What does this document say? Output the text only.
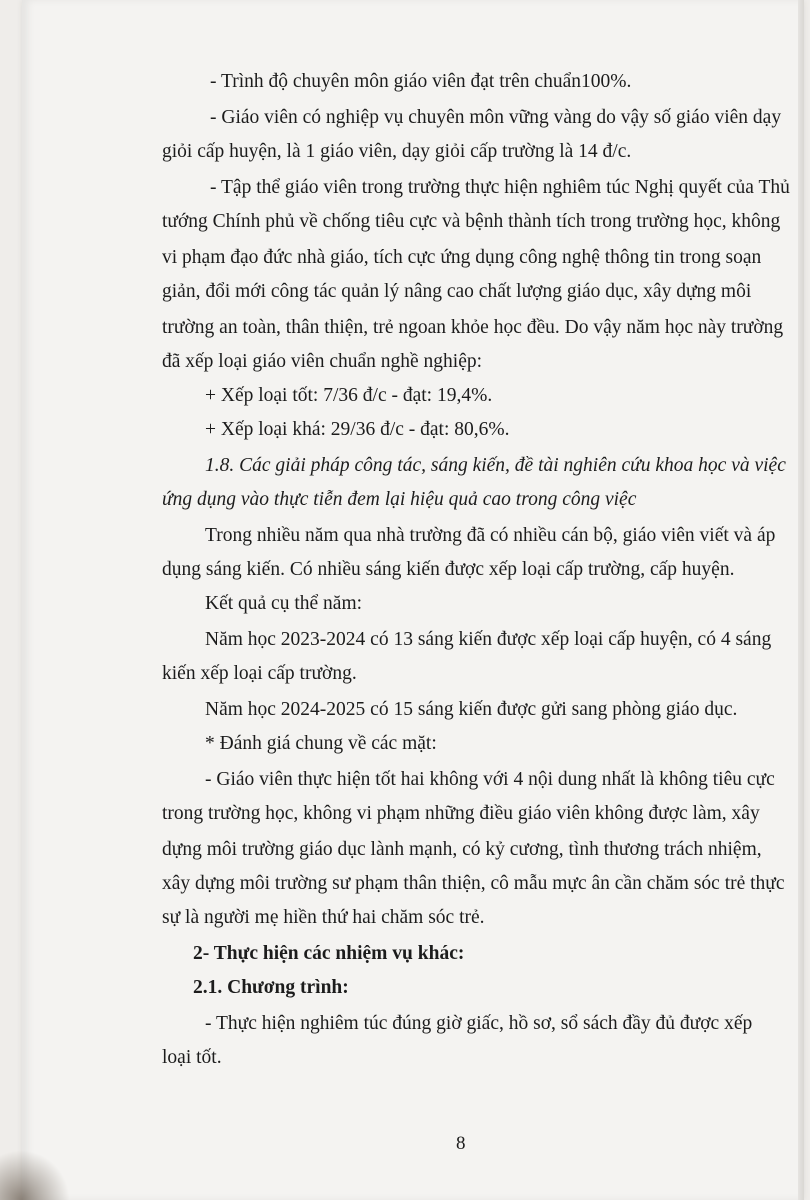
- Trình độ chuyên môn giáo viên đạt trên chuẩn100%.

- Giáo viên có nghiệp vụ chuyên môn vững vàng do vậy số giáo viên dạy

giỏi cấp huyện, là 1 giáo viên, dạy giỏi cấp trường là 14 đ/c.

- Tập thể giáo viên trong trường thực hiện nghiêm túc Nghị quyết của Thủ

tướng Chính phủ về chống tiêu cực và bệnh thành tích trong trường học, không

vi phạm đạo đức nhà giáo, tích cực ứng dụng công nghệ thông tin trong soạn

giản, đổi mới công tác quản lý nâng cao chất lượng giáo dục, xây dựng môi

trường an toàn, thân thiện, trẻ ngoan khỏe học đều. Do vậy năm học này trường

đã xếp loại giáo viên chuẩn nghề nghiệp:

+ Xếp loại tốt: 7/36 đ/c - đạt: 19,4%.

+ Xếp loại khá: 29/36 đ/c - đạt: 80,6%.

1.8. Các giải pháp công tác, sáng kiến, đề tài nghiên cứu khoa học và việc

ứng dụng vào thực tiễn đem lại hiệu quả cao trong công việc

Trong nhiều năm qua nhà trường đã có nhiều cán bộ, giáo viên viết và áp

dụng sáng kiến. Có nhiều sáng kiến được xếp loại cấp trường, cấp huyện.

Kết quả cụ thể năm:

Năm học 2023-2024 có 13 sáng kiến được xếp loại cấp huyện, có 4 sáng

kiến xếp loại cấp trường.

Năm học 2024-2025 có 15 sáng kiến được gửi sang phòng giáo dục.

* Đánh giá chung về các mặt:

- Giáo viên thực hiện tốt hai không với 4 nội dung nhất là không tiêu cực

trong trường học, không vi phạm những điều giáo viên không được làm, xây

dựng môi trường giáo dục lành mạnh, có kỷ cương, tình thương trách nhiệm,

xây dựng môi trường sư phạm thân thiện, cô mẫu mực ân cần chăm sóc trẻ thực

sự là người mẹ hiền thứ hai chăm sóc trẻ.

2- Thực hiện các nhiệm vụ khác:

2.1. Chương trình:

- Thực hiện nghiêm túc đúng giờ giấc, hồ sơ, sổ sách đầy đủ được xếp

loại tốt.

8
